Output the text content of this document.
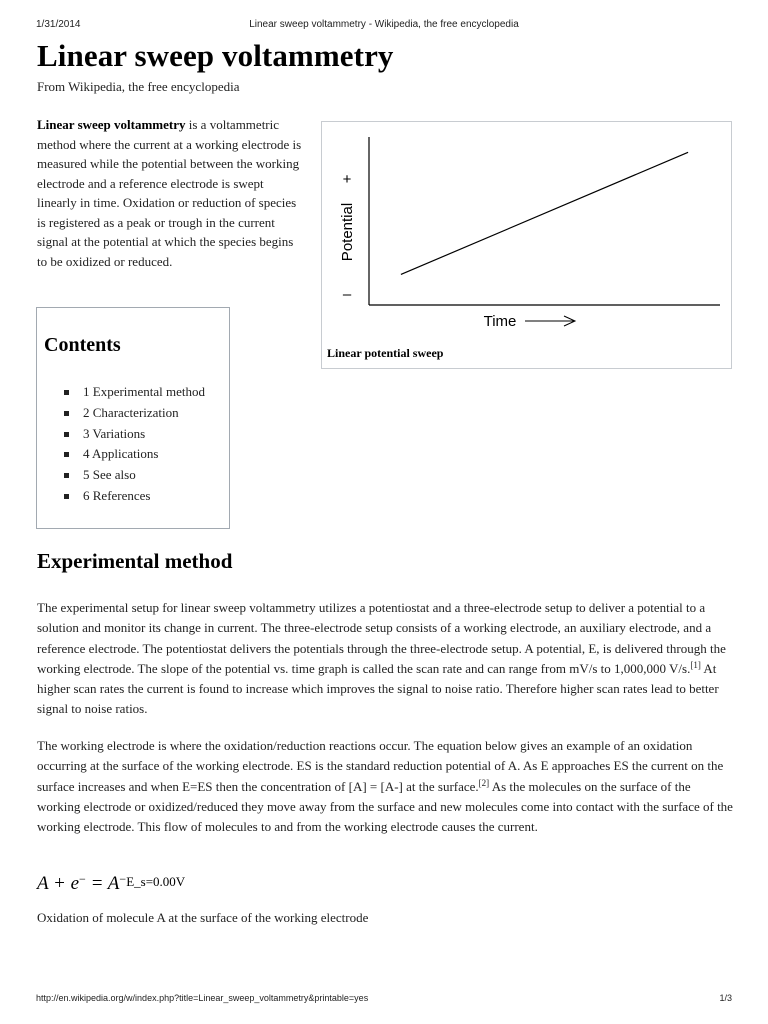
1/31/2014	Linear sweep voltammetry - Wikipedia, the free encyclopedia
Linear sweep voltammetry
From Wikipedia, the free encyclopedia

Linear sweep voltammetry is a voltammetric method where the current at a working electrode is measured while the potential between the working electrode and a reference electrode is swept linearly in time. Oxidation or reduction of species is registered as a peak or trough in the current signal at the potential at which the species begins to be oxidized or reduced.

+
–
Potential
Time
Linear potential sweep
Contents
1 Experimental method
2 Characterization
3 Variations
4 Applications
5 See also
6 References
Experimental method

The experimental setup for linear sweep voltammetry utilizes a potentiostat and a three-electrode setup to deliver a potential to a solution and monitor its change in current. The three-electrode setup consists of a working electrode, an auxiliary electrode, and a reference electrode. The potentiostat delivers the potentials through the three-electrode setup. A potential, E, is delivered through the working electrode. The slope of the potential vs. time graph is called the scan rate and can range from mV/s to 1,000,000 V/s.[1] At higher scan rates the current is found to increase which improves the signal to noise ratio. Therefore higher scan rates lead to better signal to noise ratios.

The working electrode is where the oxidation/reduction reactions occur. The equation below gives an example of an oxidation occurring at the surface of the working electrode. ES is the standard reduction potential of A. As E approaches ES the current on the surface increases and when E=ES then the concentration of [A] = [A-] at the surface.[2] As the molecules on the surface of the working electrode or oxidized/reduced they move away from the surface and new molecules come into contact with the surface of the working electrode. This flow of molecules to and from the working electrode causes the current.

A + e− = A−E_s=0.00V
Oxidation of molecule A at the surface of the working electrode
http://en.wikipedia.org/w/index.php?title=Linear_sweep_voltammetry&printable=yes	1/3
